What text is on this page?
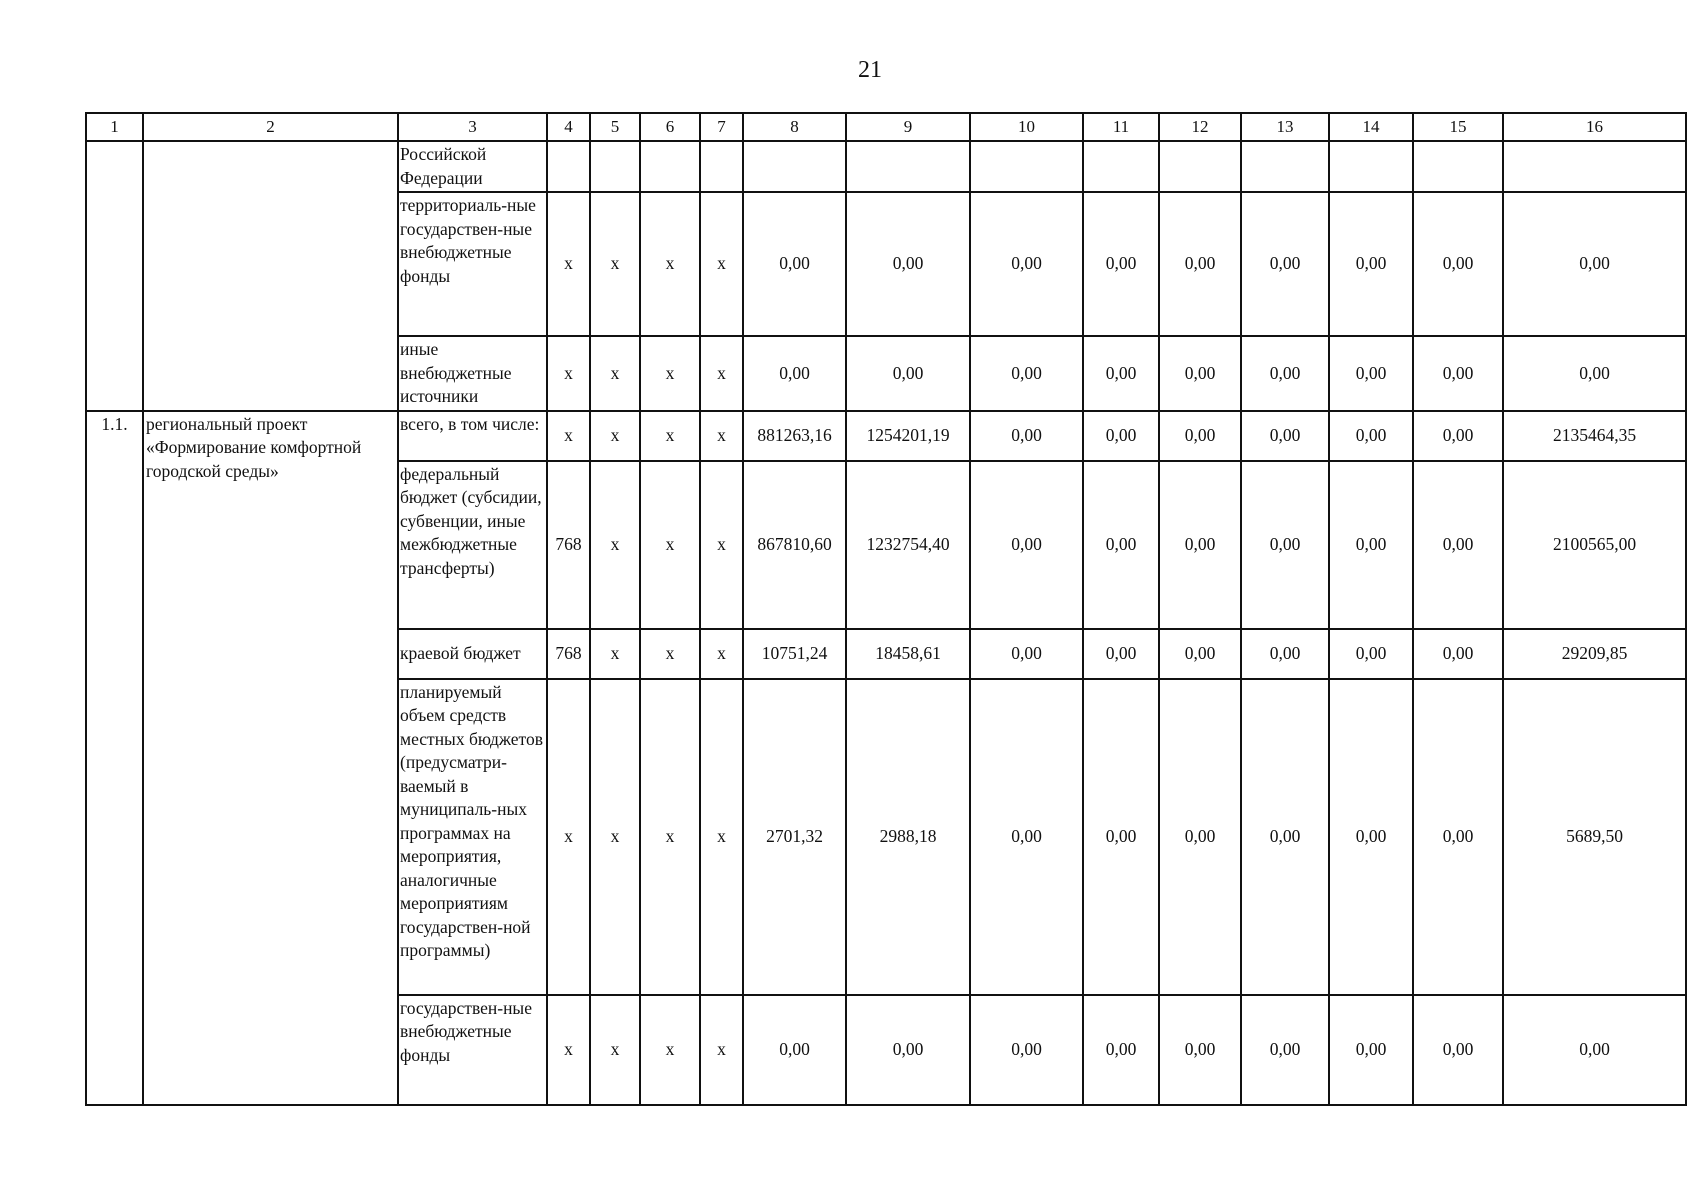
21
1	2	3	4	5	6	7	8	9	10	11	12	13	14	15	16
		Российской Федерации													
		территориаль-ные государствен-ные внебюджетные фонды	x	x	x	x	0,00	0,00	0,00	0,00	0,00	0,00	0,00	0,00	0,00
		иные внебюджетные источники	x	x	x	x	0,00	0,00	0,00	0,00	0,00	0,00	0,00	0,00	0,00
1.1.	региональный проект «Формирование комфортной городской среды»	всего, в том числе:	x	x	x	x	881263,16	1254201,19	0,00	0,00	0,00	0,00	0,00	0,00	2135464,35
		федеральный бюджет (субсидии, субвенции, иные межбюджетные трансферты)	768	x	x	x	867810,60	1232754,40	0,00	0,00	0,00	0,00	0,00	0,00	2100565,00
		краевой бюджет	768	x	x	x	10751,24	18458,61	0,00	0,00	0,00	0,00	0,00	0,00	29209,85
		планируемый объем средств местных бюджетов (предусматри-ваемый в муниципаль-ных программах на мероприятия, аналогичные мероприятиям государствен-ной программы)	x	x	x	x	2701,32	2988,18	0,00	0,00	0,00	0,00	0,00	0,00	5689,50
		государствен-ные внебюджетные фонды	x	x	x	x	0,00	0,00	0,00	0,00	0,00	0,00	0,00	0,00	0,00
